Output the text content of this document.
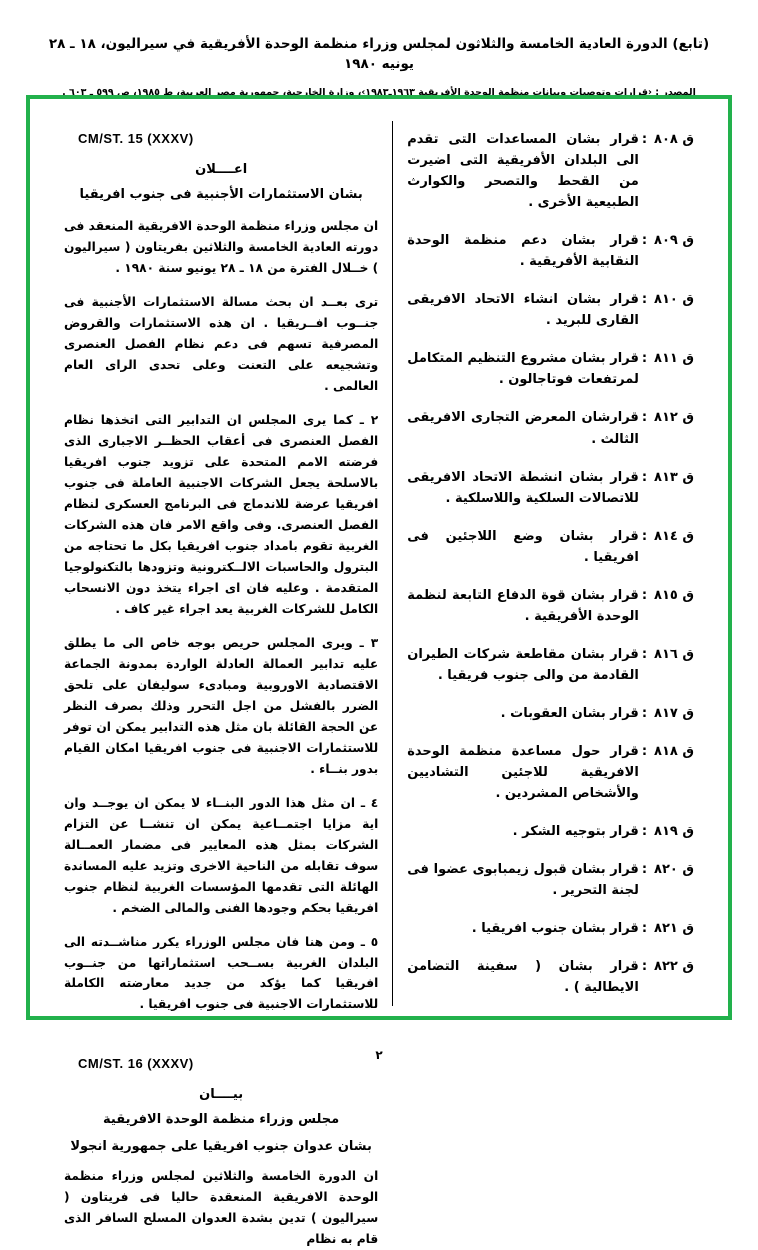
(تابع) الدورة العادية الخامسة والثلاثون لمجلس وزراء منظمة الوحدة الأفريقية في سيراليون، ١٨ ـ ٢٨ يونيه ١٩٨٠
المصدر : ‹قرارات وتوصيات وبيانات منظمة الوحدة الأفريقية ١٩٦٣ـ١٩٨٣›، وزارة الخارجية، جمهورية مصر العربية، ط ١٩٨٥، ص ٥٩٩ ـ ٦٠٣ .
ق ٨٠٨
:
قرار بشان المساعدات التى تقدم الى البلدان الأفريقية التى اضيرت من القحط والتصحر والكوارث الطبيعية الأخرى .
ق ٨٠٩
:
قرار بشان دعم منظمة الوحدة النقابية الأفريقية .
ق ٨١٠
:
قرار بشان انشاء الاتحاد الافريقى القارى للبريد .
ق ٨١١
:
قرار بشان مشروع التنظيم المتكامل لمرتفعات فوتاجالون .
ق ٨١٢
:
قرارشان المعرض التجارى الافريقى الثالث .
ق ٨١٣
:
قرار بشان انشطة الاتحاد الافريقى للاتصالات السلكية واللاسلكية .
ق ٨١٤
:
قرار بشان وضع اللاجئين فى افريقيا .
ق ٨١٥
:
قرار بشان قوة الدفاع التابعة لنظمة الوحدة الأفريقية .
ق ٨١٦
:
قرار بشان مقاطعة شركات الطيران القادمة من والى جنوب فريقيا .
ق ٨١٧
:
قرار بشان العقوبات .
ق ٨١٨
:
قرار حول مساعدة منظمة الوحدة الافريقية للاجئين التشاديين والأشخاص المشردين .
ق ٨١٩
:
قرار بتوجيه الشكر .
ق ٨٢٠
:
قرار بشان قبول زيمبابوى عضوا فى لجنة التحرير .
ق ٨٢١
:
قرار بشان جنوب افريقيا .
ق ٨٢٢
:
قرار بشان ( سفينة التضامن الايطالية ) .
CM/ST. 15 (XXXV)
اعــــلان
بشان الاستثمارات الأجنبية فى جنوب افريقيا
ان مجلس وزراء منظمة الوحدة الافريقية المنعقد فى دورته العادية الخامسة والثلاثين بفريتاون ( سيراليون ) خــلال الفترة من ١٨ ـ ٢٨ يونيو سنة ١٩٨٠ .
ترى بعــد ان بحث مسالة الاستثمارات الأجنبية فى جنــوب افــريقيا . ان هذه الاستثمارات والقروض المصرفية تسهم فى دعم نظام الفصل العنصرى وتشجيعه على التعنت وعلى تحدى الراى العام العالمى .
٢ ـ كما يرى المجلس ان التدابير التى اتخذها نظام الفصل العنصرى فى أعقاب الحظــر الاجبارى الذى فرضته الامم المتحدة على تزويد جنوب افريقيا بالاسلحة يجعل الشركات الاجنبية العاملة فى جنوب افريقيا عرضة للاندماج فى البرنامج العسكرى لنظام الفصل العنصرى. وفى واقع الامر فان هذه الشركات الغربية تقوم بامداد جنوب افريقيا بكل ما تحتاجه من البترول والحاسبات الالــكترونية وتزودها بالتكنولوجيا المتقدمة . وعليه فان اى اجراء يتخذ دون الانسحاب الكامل للشركات الغربية يعد اجراء غير كاف .
٣ ـ ويرى المجلس حريص بوجه خاص الى ما يطلق عليه تدابير العمالة العادلة الواردة بمدونة الجماعة الاقتصادية الاوروبية ومبادىء سوليفان على تلحق الضرر بالفشل من اجل التحرر وذلك بصرف النظر عن الحجة القائلة بان مثل هذه التدابير يمكن ان توفر للاستثمارات الاجنبية فى جنوب افريقيا امكان القيام بدور بنــاء .
٤ ـ ان مثل هذا الدور البنــاء لا يمكن ان يوجــد وان اية مزايا اجتمــاعية يمكن ان تنشــا عن التزام الشركات بمثل هذه المعايير فى مضمار العمــالة سوف تقابله من الناحية الاخرى وتزيد عليه المساندة الهائلة التى تقدمها المؤسسات الغربية لنظام جنوب افريقيا بحكم وجودها الفنى والمالى الضخم .
٥ ـ ومن هنا فان مجلس الوزراء يكرر مناشــدته الى البلدان الغربية بســحب استثماراتها من جنــوب افريقيا كما يؤكد من جديد معارضته الكاملة للاستثمارات الاجنبية فى جنوب افريقيا .
CM/ST. 16 (XXXV)
بيــــان
مجلس وزراء منظمة الوحدة الافريقية
بشان عدوان جنوب افريقيا على جمهورية انجولا
ان الدورة الخامسة والثلاثين لمجلس وزراء منظمة الوحدة الافريقية المنعقدة حاليا فى فريتاون ( سيراليون ) تدين بشدة العدوان المسلح السافر الذى قام به نظام
٢
